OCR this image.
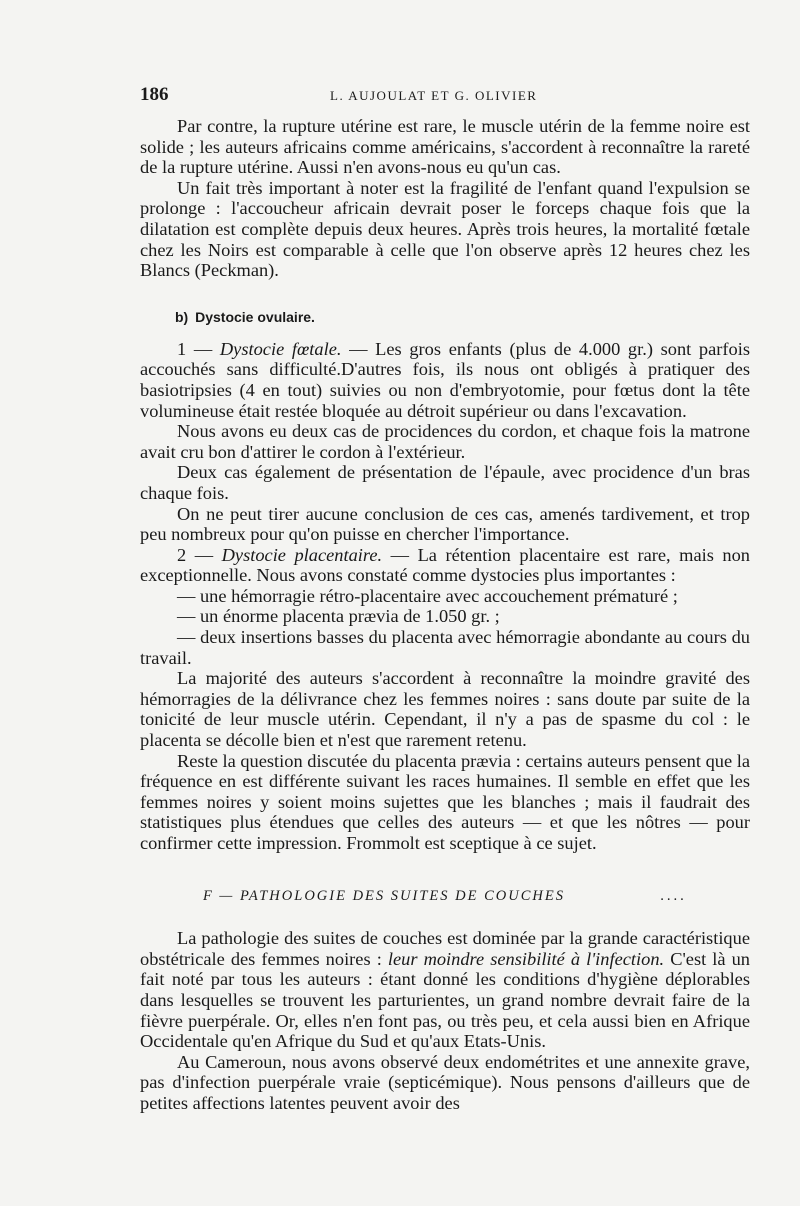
186	L. AUJOULAT ET G. OLIVIER

Par contre, la rupture utérine est rare, le muscle utérin de la femme noire est solide ; les auteurs africains comme américains, s'accordent à reconnaître la rareté de la rupture utérine. Aussi n'en avons-nous eu qu'un cas.

Un fait très important à noter est la fragilité de l'enfant quand l'expulsion se prolonge : l'accoucheur africain devrait poser le forceps chaque fois que la dilatation est complète depuis deux heures. Après trois heures, la mortalité fœtale chez les Noirs est comparable à celle que l'on observe après 12 heures chez les Blancs (Peckman).

b) Dystocie ovulaire.

1 — Dystocie fœtale. — Les gros enfants (plus de 4.000 gr.) sont parfois accouchés sans difficulté.D'autres fois, ils nous ont obligés à pratiquer des basiotripsies (4 en tout) suivies ou non d'embryotomie, pour fœtus dont la tête volumineuse était restée bloquée au détroit supérieur ou dans l'excavation.

Nous avons eu deux cas de procidences du cordon, et chaque fois la matrone avait cru bon d'attirer le cordon à l'extérieur.

Deux cas également de présentation de l'épaule, avec procidence d'un bras chaque fois.

On ne peut tirer aucune conclusion de ces cas, amenés tardivement, et trop peu nombreux pour qu'on puisse en chercher l'importance.

2 — Dystocie placentaire. — La rétention placentaire est rare, mais non exceptionnelle. Nous avons constaté comme dystocies plus importantes :

— une hémorragie rétro-placentaire avec accouchement prématuré ;

— un énorme placenta prævia de 1.050 gr. ;

— deux insertions basses du placenta avec hémorragie abondante au cours du travail.

La majorité des auteurs s'accordent à reconnaître la moindre gravité des hémorragies de la délivrance chez les femmes noires : sans doute par suite de la tonicité de leur muscle utérin. Cependant, il n'y a pas de spasme du col : le placenta se décolle bien et n'est que rarement retenu.

Reste la question discutée du placenta prævia : certains auteurs pensent que la fréquence en est différente suivant les races humaines. Il semble en effet que les femmes noires y soient moins sujettes que les blanches ; mais il faudrait des statistiques plus étendues que celles des auteurs — et que les nôtres — pour confirmer cette impression. Frommolt est sceptique à ce sujet.

F — PATHOLOGIE DES SUITES DE COUCHES	....

La pathologie des suites de couches est dominée par la grande caractéristique obstétricale des femmes noires : leur moindre sensibilité à l'infection. C'est là un fait noté par tous les auteurs : étant donné les conditions d'hygiène déplorables dans lesquelles se trouvent les parturientes, un grand nombre devrait faire de la fièvre puerpérale. Or, elles n'en font pas, ou très peu, et cela aussi bien en Afrique Occidentale qu'en Afrique du Sud et qu'aux Etats-Unis.

Au Cameroun, nous avons observé deux endométrites et une annexite grave, pas d'infection puerpérale vraie (septicémique). Nous pensons d'ailleurs que de petites affections latentes peuvent avoir des
